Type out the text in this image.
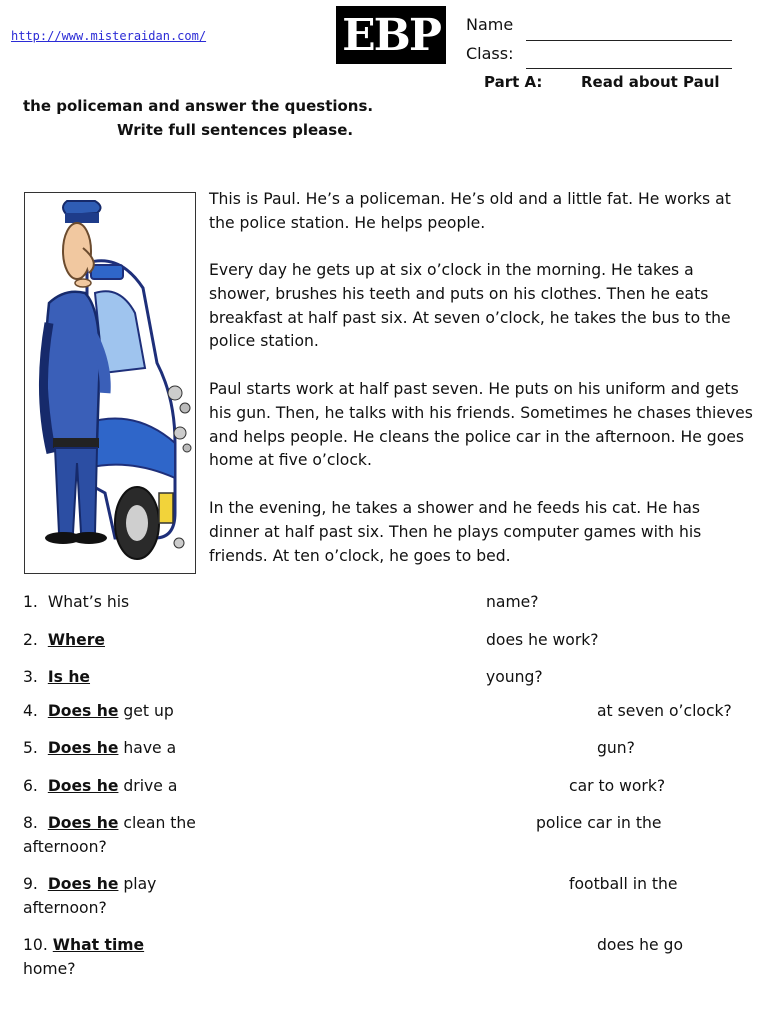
http://www.misteraidan.com/	EBP	Name
Class:
Part A:	Read about Paul
the policeman and answer the questions.
Write full sentences please.
This is Paul. He’s a policeman. He’s old and a little fat. He works at the police station. He helps people.
Every day he gets up at six o’clock in the morning. He takes a shower, brushes his teeth and puts on his clothes. Then he eats breakfast at half past six. At seven o’clock, he takes the bus to the police station.
Paul starts work at half past seven. He puts on his uniform and gets his gun. Then, he talks with his friends. Sometimes he chases thieves and helps people. He cleans the police car in the afternoon. He goes home at five o’clock.
In the evening, he takes a shower and he feeds his cat. He has dinner at half past six. Then he plays computer games with his friends. At ten o’clock, he goes to bed.
1. What’s his	name?
2. Where	does he work?
3. Is he	young?
4. Does he get up	at seven o’clock?
5. Does he have a	gun?
6. Does he drive a	car to work?
8. Does he clean the	police car in the
afternoon?
9. Does he play	football in the
afternoon?
10. What time	does he go
home?
